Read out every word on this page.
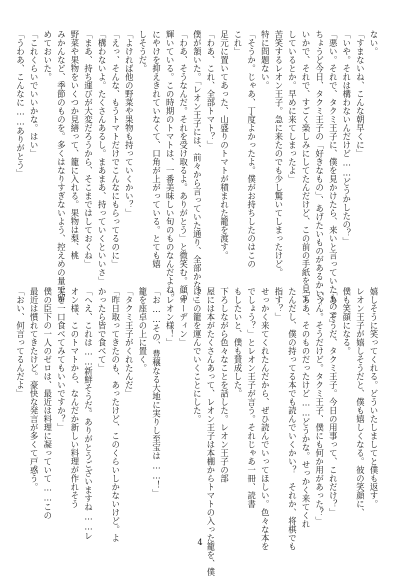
ない。
「すまないね、こんな朝早くに」
「いや。それは構わないんだけど……どうかしたの？」
「悪い。それで、タクミ王子に、僕を見かけたら、来いと言っていたもので」
ちょうど今日、タクミ王子の「好きなもの」、あげたいものがあるかい？
いかで、それで、すごく楽しみにしてたんだけど、この前の手紙を見て
しているとか。早めに来てしまったよ」
苦笑するレオン王子。急に来たのでも少し驚いてしまったけど。
特に問題ない。
「そうか。じゃあ、丁度よかったよ。僕がお持ちしたのはこの
これ」
足元に置いてあった、山盛りのトマトが積まれた籠を渡す。
「わあ、これ、全部トマト？」
僕が頷いた。「レオン王子には、前々から言っていた通り、全部かな？」
「わあ、そうなんだ。それを受け取るよ。ありがとう」と微笑む。顔の
輝いている。この時期のトマトは、一番美味しい旬のものなんだよね。
にやけを抑えきれていなくて、口角が上がっている。とても嬉
しそうだ。
「よければ他の野菜や果物も持っていくかい？」
「えっ、そんな、もうトマトだけでこんなにもらってるのに」
「構わないよ。たくさんあるし。まあまあ、持っていくといいさ」
「まあ、持ち運びが大変だろうから、そこまではしておくね」
野菜や果物をいくつか見繕って、籠に入れる。果物は梨、桃
みかんなど、季節のものを。多くはなりすぎないよう、控えめの量で留
めておいた。
「これくらいでいいかな。はい」
「うわあ、こんなに……ありがとう」
嬉しそうに笑ってくれる。どういたしましてと僕も返す。
レオン王子が嬉しそうだと、僕も嬉しくなる。彼の笑顔に、
僕も笑顔になる。
「あ、そうだ、タクミ王子。今日の用事って、これだけ？」
「うん。そうだけど。タクミ王子、僕にも何か用があった？」
「ああ、そのものだったけど……どうかな。せっかく来てくれ
たんだし、僕の持ってる本でも読んでいくかい？　それか、将棋でも
指す？」
せっかく来てくれたんだから、ぜひ読んでいってほしい。色々な本を
でしょう？」とレオン王子が言う。それじゃあ一冊、読書
もしたいと、僕も賛成した。
下ろしながら色々なことを話した。レオン王子の部
屋には本がたくさんあって、レオン王子は本棚からトマトの入った籠を、僕
はこの籠を運んでいくことにした。
「オーディン」
「レオン様！」
「お……その、豊穣なる大地に実りし至宝は……！」
籠を座卓の上に置く。
「タクミ王子がくれたんだ」
「昨日取ってきたのも、あったけど、このくらいしかないけど。よ
かったら皆で食べて」
「へえ、これは……新鮮そうだ。ありがとうございますね……レ
オン様、このトマトから、なんだか新しい料理が作れそう
実を一口食べてみてもいいですか？」
僕の臣下の一人のゼロは、最近は料理に凝っていて……この
最近は慣れてきたけど。豪快な発言が多くて戸惑う。
「おい、何言ってるんだよ」
4
